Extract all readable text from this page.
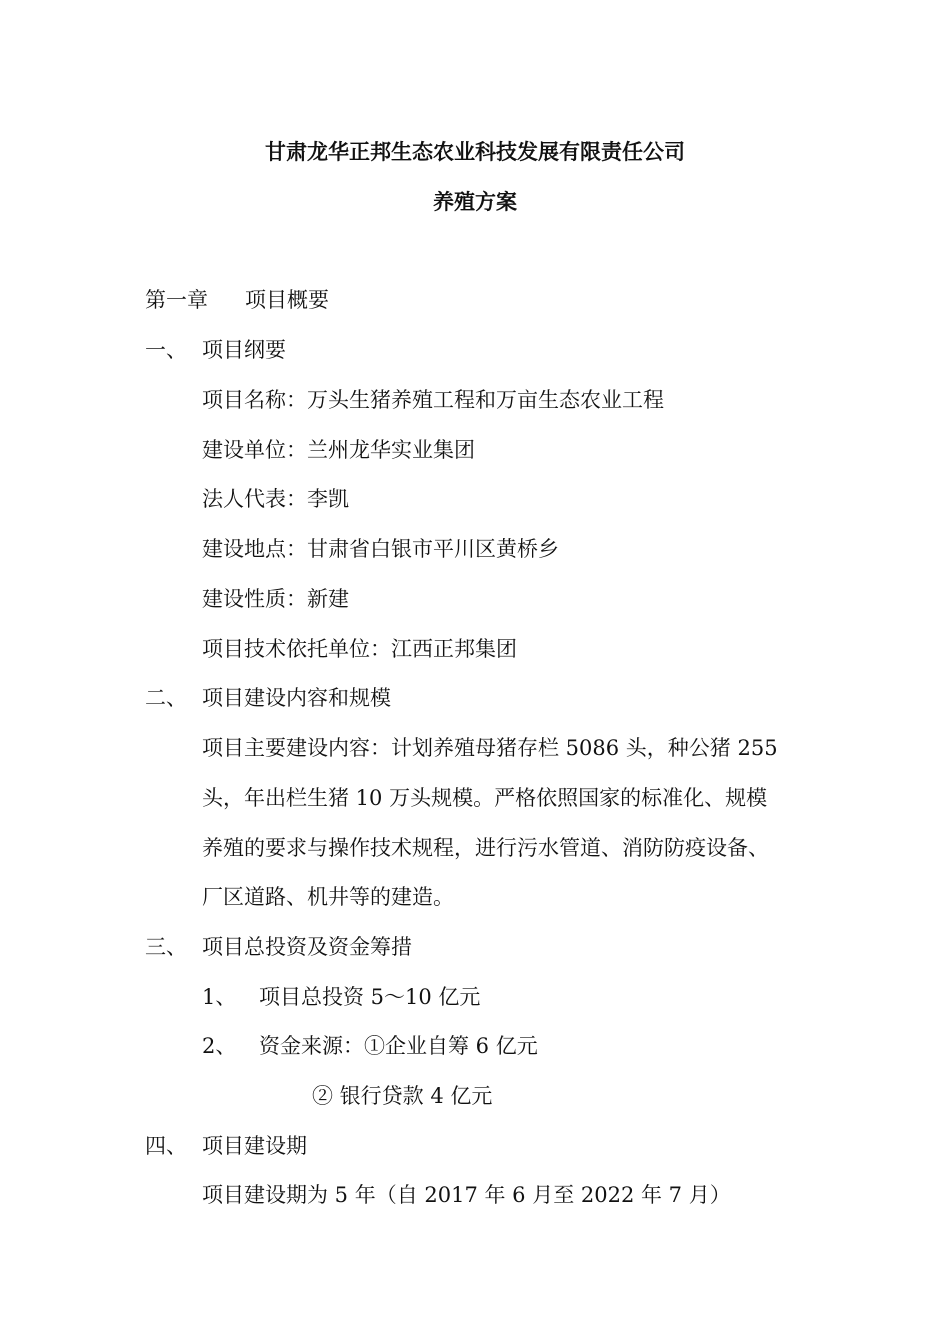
甘肃龙华正邦生态农业科技发展有限责任公司
养殖方案
第一章 项目概要
一、 项目纲要
项目名称：万头生猪养殖工程和万亩生态农业工程
建设单位：兰州龙华实业集团
法人代表：李凯
建设地点：甘肃省白银市平川区黄桥乡
建设性质：新建
项目技术依托单位：江西正邦集团
二、 项目建设内容和规模
项目主要建设内容：计划养殖母猪存栏 5086 头，种公猪 255
头，年出栏生猪 10 万头规模。严格依照国家的标准化、规模
养殖的要求与操作技术规程，进行污水管道、消防防疫设备、
厂区道路、机井等的建造。
三、 项目总投资及资金筹措
1、 项目总投资 5～10 亿元
2、 资金来源：①企业自筹 6 亿元
② 银行贷款 4 亿元
四、 项目建设期
项目建设期为 5 年（自 2017 年 6 月至 2022 年 7 月）
